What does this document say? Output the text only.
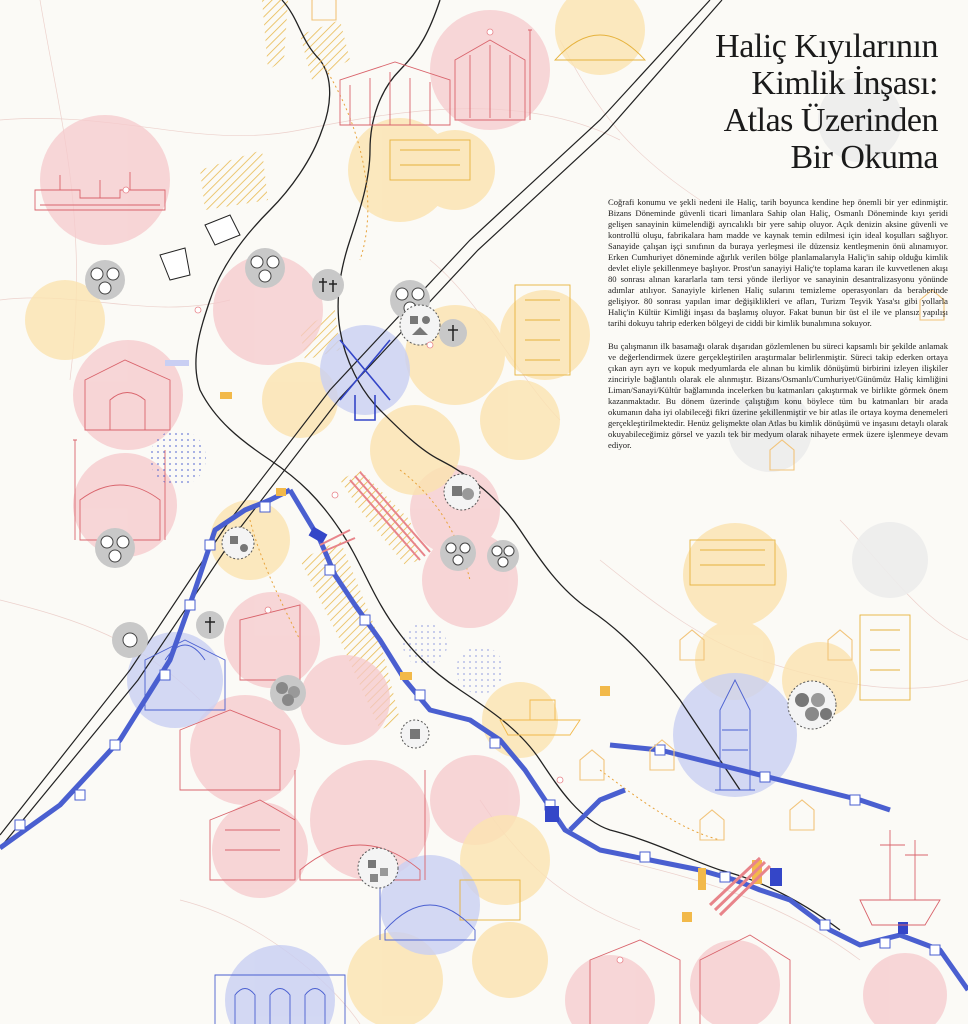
Haliç Kıyılarının
Kimlik İnşası:
Atlas Üzerinden
Bir Okuma

Coğrafi konumu ve şekli nedeni ile Haliç, tarih boyunca kendine hep önemli bir yer edinmiştir. Bizans Döneminde güvenli ticari limanlara Sahip olan Haliç, Osmanlı Döneminde kıyı şeridi gelişen sanayinin kümelendiği ayrıcalıklı bir yere sahip oluyor. Açık denizin aksine güvenli ve kontrollü oluşu, fabrikalara ham madde ve kaynak temin edilmesi için ideal koşulları sağlıyor. Sanayide çalışan işçi sınıfının da buraya yerleşmesi ile düzensiz kentleşmenin önü alınamıyor. Erken Cumhuriyet döneminde ağırlık verilen bölge planlamalarıyla Haliç'in sahip olduğu kimlik devlet eliyle şekillenmeye başlıyor. Prost'un sanayiyi Haliç'te toplama kararı ile kuvvetlenen akışı 80 sonrası alınan kararlarla tam tersi yönde ilerliyor ve sanayinin desantralizasyonu yönünde adımlar atılıyor. Sanayiyle kirlenen Haliç sularını temizleme operasyonları da beraberinde gelişiyor. 80 sonrası yapılan imar değişiklikleri ve afları, Turizm Teşvik Yasa'sı gibi yollarla Haliç'in Kültür Kimliği inşası da başlamış oluyor. Fakat bunun bir üst el ile ve plansız yapılışı tarihi dokuyu tahrip ederken bölgeyi de ciddi bir kimlik bunalımına sokuyor.

Bu çalışmanın ilk basamağı olarak dışarıdan gözlemlenen bu süreci kapsamlı bir şekilde anlamak ve değerlendirmek üzere gerçekleştirilen araştırmalar belirlenmiştir. Süreci takip ederken ortaya çıkan ayrı ayrı ve kopuk medyumlarda ele alınan bu kimlik dönüşümü birbirini izleyen ilişkiler zinciriyle bağlantılı olarak ele alınmıştır. Bizans/Osmanlı/Cumhuriyet/Günümüz Haliç kimliğini Liman/Sanayi/Kültür bağlamında incelerken bu katmanları çakıştırmak ve birlikte görmek önem kazanmaktadır. Bu dönem üzerinde çalıştığım konu böylece tüm bu katmanları bir arada okumanın daha iyi olabileceği fikri üzerine şekillenmiştir ve bir atlas ile ortaya koyma denemeleri gerçekleştirilmektedir. Henüz gelişmekte olan Atlas bu kimlik dönüşümü ve inşasını detaylı olarak okuyabileceğimiz görsel ve yazılı tek bir medyum olarak nihayete ermek üzere işlenmeye devam ediyor.
